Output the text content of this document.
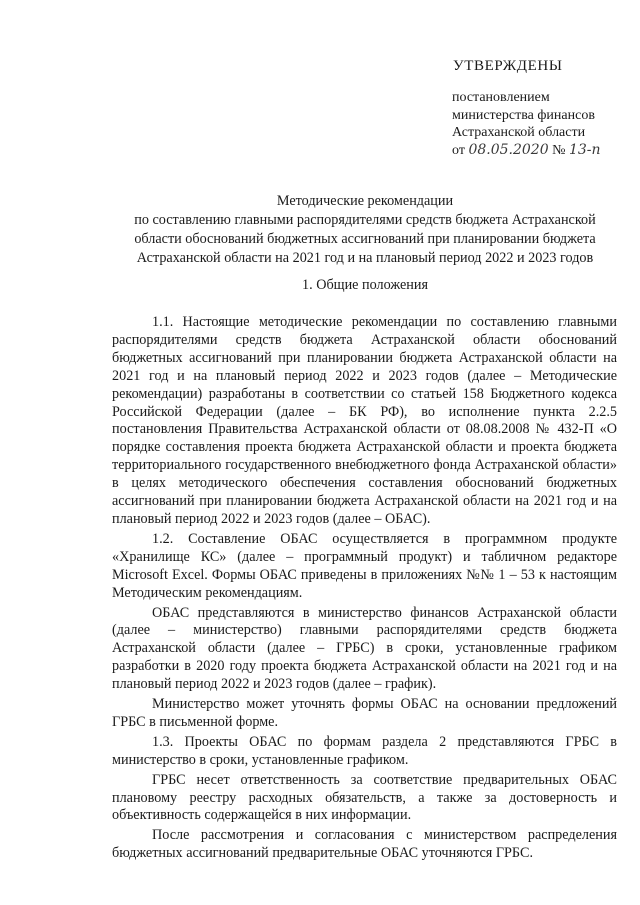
УТВЕРЖДЕНЫ
постановлением
министерства финансов
Астраханской области
от 08.05.2020 № 13-п
Методические рекомендации
по составлению главными распорядителями средств бюджета Астраханской
области обоснований бюджетных ассигнований при планировании бюджета
Астраханской области на 2021 год и на плановый период 2022 и 2023 годов
1. Общие положения

1.1. Настоящие методические рекомендации по составлению главными распорядителями средств бюджета Астраханской области обоснований бюджетных ассигнований при планировании бюджета Астраханской области на 2021 год и на плановый период 2022 и 2023 годов (далее – Методические рекомендации) разработаны в соответствии со статьей 158 Бюджетного кодекса Российской Федерации (далее – БК РФ), во исполнение пункта 2.2.5 постановления Правительства Астраханской области от 08.08.2008 № 432-П «О порядке составления проекта бюджета Астраханской области и проекта бюджета территориального государственного внебюджетного фонда Астраханской области» в целях методического обеспечения составления обоснований бюджетных ассигнований при планировании бюджета Астраханской области на 2021 год и на плановый период 2022 и 2023 годов (далее – ОБАС).

1.2. Составление ОБАС осуществляется в программном продукте «Хранилище КС» (далее – программный продукт) и табличном редакторе Microsoft Excel. Формы ОБАС приведены в приложениях №№ 1 – 53 к настоящим Методическим рекомендациям.

ОБАС представляются в министерство финансов Астраханской области (далее – министерство) главными распорядителями средств бюджета Астраханской области (далее – ГРБС) в сроки, установленные графиком разработки в 2020 году проекта бюджета Астраханской области на 2021 год и на плановый период 2022 и 2023 годов (далее – график).

Министерство может уточнять формы ОБАС на основании предложений ГРБС в письменной форме.

1.3. Проекты ОБАС по формам раздела 2 представляются ГРБС в министерство в сроки, установленные графиком.

ГРБС несет ответственность за соответствие предварительных ОБАС плановому реестру расходных обязательств, а также за достоверность и объективность содержащейся в них информации.

После рассмотрения и согласования с министерством распределения бюджетных ассигнований предварительные ОБАС уточняются ГРБС.
